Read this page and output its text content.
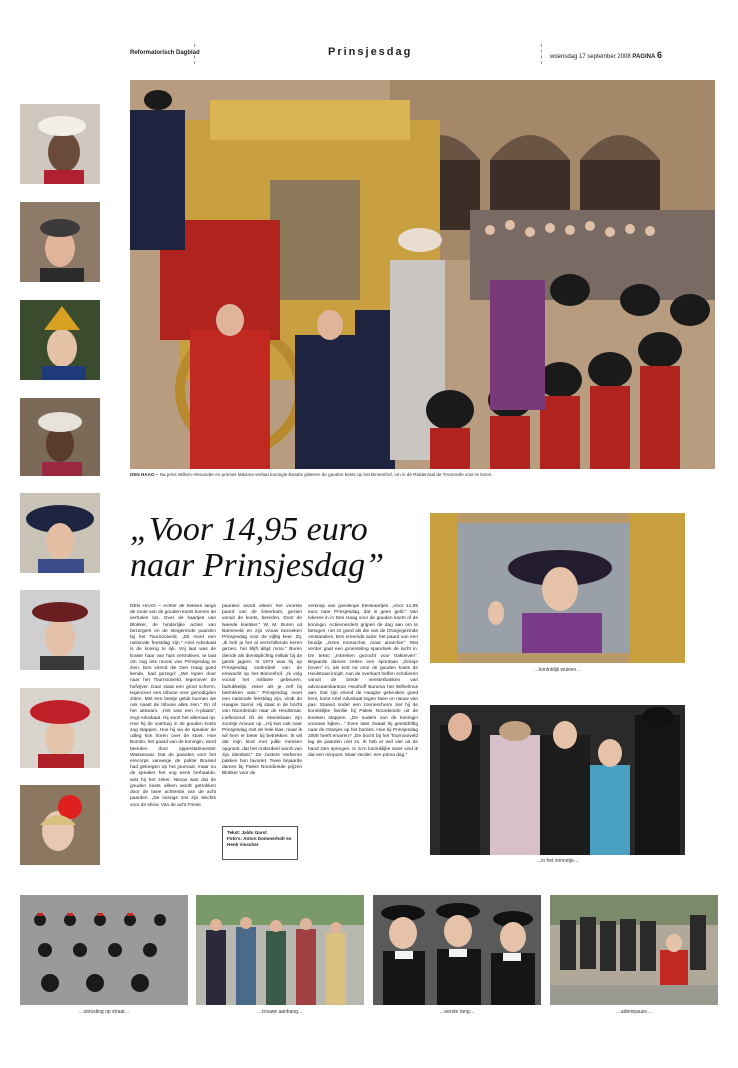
Reformatorisch Dagblad	Prinsjesdag	woensdag 17 september 2008 PAGINA 6
DEN HAAG – Na prins Willem-Alexander en prinses Máxima verlaat koningin Beatrix gisteren de gouden koets op het Binnenhof, om in de Ridderzaal de Troonrede voor te lezen.
„Voor 14,95 euro naar Prinsjesdag”
DEN HAAG – Achter de hekken langs de route van de gouden koets komen de verhalen los. Over de kaartjes van Blokker, de hinderlijke acties van bezorgers en de steigerende paarden bij het Tournooiveld. „Dit moet een nationale feestdag zijn.” Ariel Advokaat is de koning te rijk. Vrij laat was de kraste haar van huis vertrokken, te laat om nog iets moois van Prinsjesdag te zien. Een vriend die Den Haag goed kende, had gezegd: „We lopen door naar het Tournooiveld, tegenover de hofvijver. Daar staat een groot scherm, tegenover een tribune voor genodigden zitten. Met een beetje geluk kunnen we ook naast de tribune alles zien.” En of het uitkwam. „Het was een A-plaats”, zegt Advokaat. Hij somt het allemaal op. Hoe hij de voertuig in de gouden koets zag stappen. Hoe hij via de speaker de uitleg kon horen over de stoet. Hoe Bomito, het paard van de koningin, werd bereden door opperstalmeester Wassenaar. Dat de paarden voor het erecorps vanwege de politie Brussel had gekregen op het journaal, maar nu de speaker het nog eens herhaalde, wist hij het zeker. Nieuw was dat de gouden koets alleen wordt getrokken door de twee achterste van de acht paarden. „De overige zes zijn slechts voor de show. Van de acht Friese
paarden wordt alleen het voorste paard van de linkerkant, gezien vanuit de koets, bereden. Door de tweede koetsier.” W. M. Buren uit Barneveld en zijn vrouw bezoeken Prinsjesdag voor de vijftig keer. Zij: „Ik heb je het al verschillende keren gezien, het blijft altijd mooi.” Buren diende als dienstplichtig militair bij de garde jagers. In 1973 was hij op Prinsjesdag onderdeel van de erewacht op het Binnenhof. „Ik volg vooral het militaire gebeuren, fadrukkelijk. zeker als je zelf bij betrokken was.” Prinsjesdag moet een nationale feestdag zijn, vindt de Haagse Samir. Hij staat in de bocht van Noordeinde naar de Heulstraat. Liefkozend tilt de Marokkaan zijn zoontje Anouar op. „Hij kan ook naar Prinsjesdag met de hele klas, maar ik wil hem er beter bij betrekken. Ik wil dat mijn kind met jullie mensen opgroeit, dat het onderdeel wordt van zijn identiteit.” De zusters Verberne pakken hun favoriet. Twee bejaarde dames bij Paleis Noordeinde prijzen Blokker voor de
verkoop van goedkope treinkaartjes. „Voor 14,95 euro naar Prinsjesdag, dat is geen geld.” Van lokeres in in Den Haag voor de gouden koets of de koningin. Actievoerders grijpen de dag aan om te betogen, net zo goed als die van de Oranjegezinde omstanders. Een vreemde actie: het paard van een bruidje „Geen monarchie, maar anarchie”. Wat verder gaat een groenteling spandoek de lucht in. De tekst: „Inbreken gezocht voor traktieven”. Bejaarde dames zetten een spontaan „Oranje boven” in, als kort na ome de gouden koets de Heulstraat inrijdt. Aan de overkant heffen scholieren vanuit de brede vensterbanken van advocatenkantoor Houthoff Buruma het Wilhelmus aan. Dat zijn vriend de Haagse gebruiken goed kent, komt Ariel Advokaat tegen twee on nieuw van pas. Staand onder een zonnescherm ziet hij de koninklijke familie bij Paleis Noordeinde uit de koetsen stappen. „De ouders van de koningin vooraan kijken...” Even later zwaait hij geestdriftig naar de Oranjes op het bordes. Hoe bij Prinsjesdag 2008 heeft ervaren? „De bocht bij het Tournooiveld lag de paarden niet zo. Ik heb er wel vier uit de hand zien springen. In zo'n koninklijke stoet vind ik dat een minpunt. Maar verder: een prima dag.”
Tekst: Jaldo Garst
Foto's: Anton Dommerholt en Henk Visscher
…koninklijk wuiven…
…in het zonnetje…
…uitrusting op straat…	…trouwe aanhang…	…eerste rang…	…adempauze…
